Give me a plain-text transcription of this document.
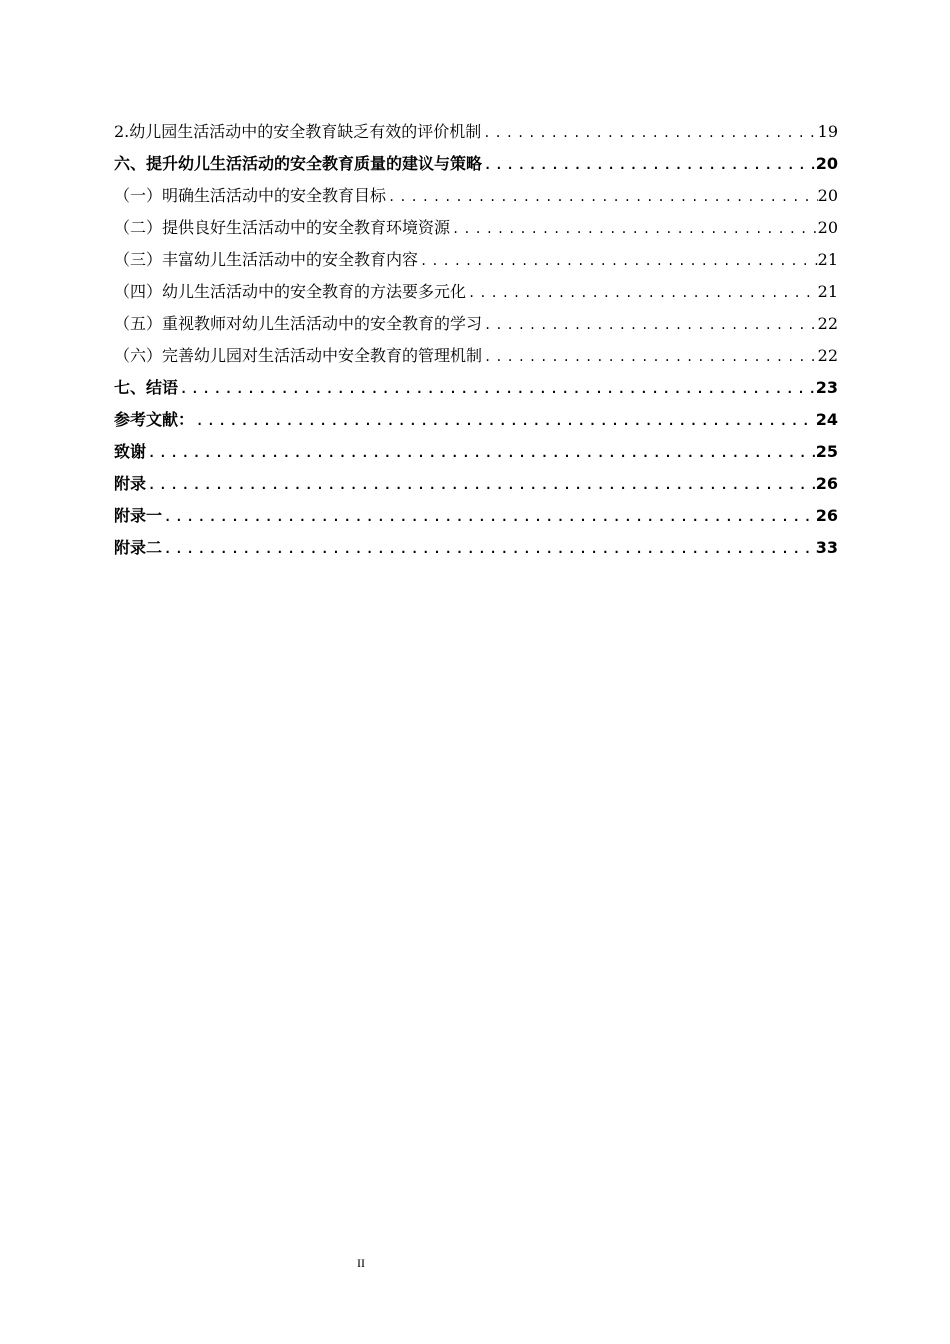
2.幼儿园生活活动中的安全教育缺乏有效的评价机制 .....	19
六、提升幼儿生活活动的安全教育质量的建议与策略 .....	20
（一）明确生活活动中的安全教育目标 .....	20
（二）提供良好生活活动中的安全教育环境资源 .....	20
（三）丰富幼儿生活活动中的安全教育内容 .....	21
（四）幼儿生活活动中的安全教育的方法要多元化 .....	21
（五）重视教师对幼儿生活活动中的安全教育的学习 .....	22
（六）完善幼儿园对生活活动中安全教育的管理机制 .....	22
七、结语 .....	23
参考文献： .....	24
致谢 .....	25
附录 .....	26
附录一 .....	26
附录二 .....	33
II
